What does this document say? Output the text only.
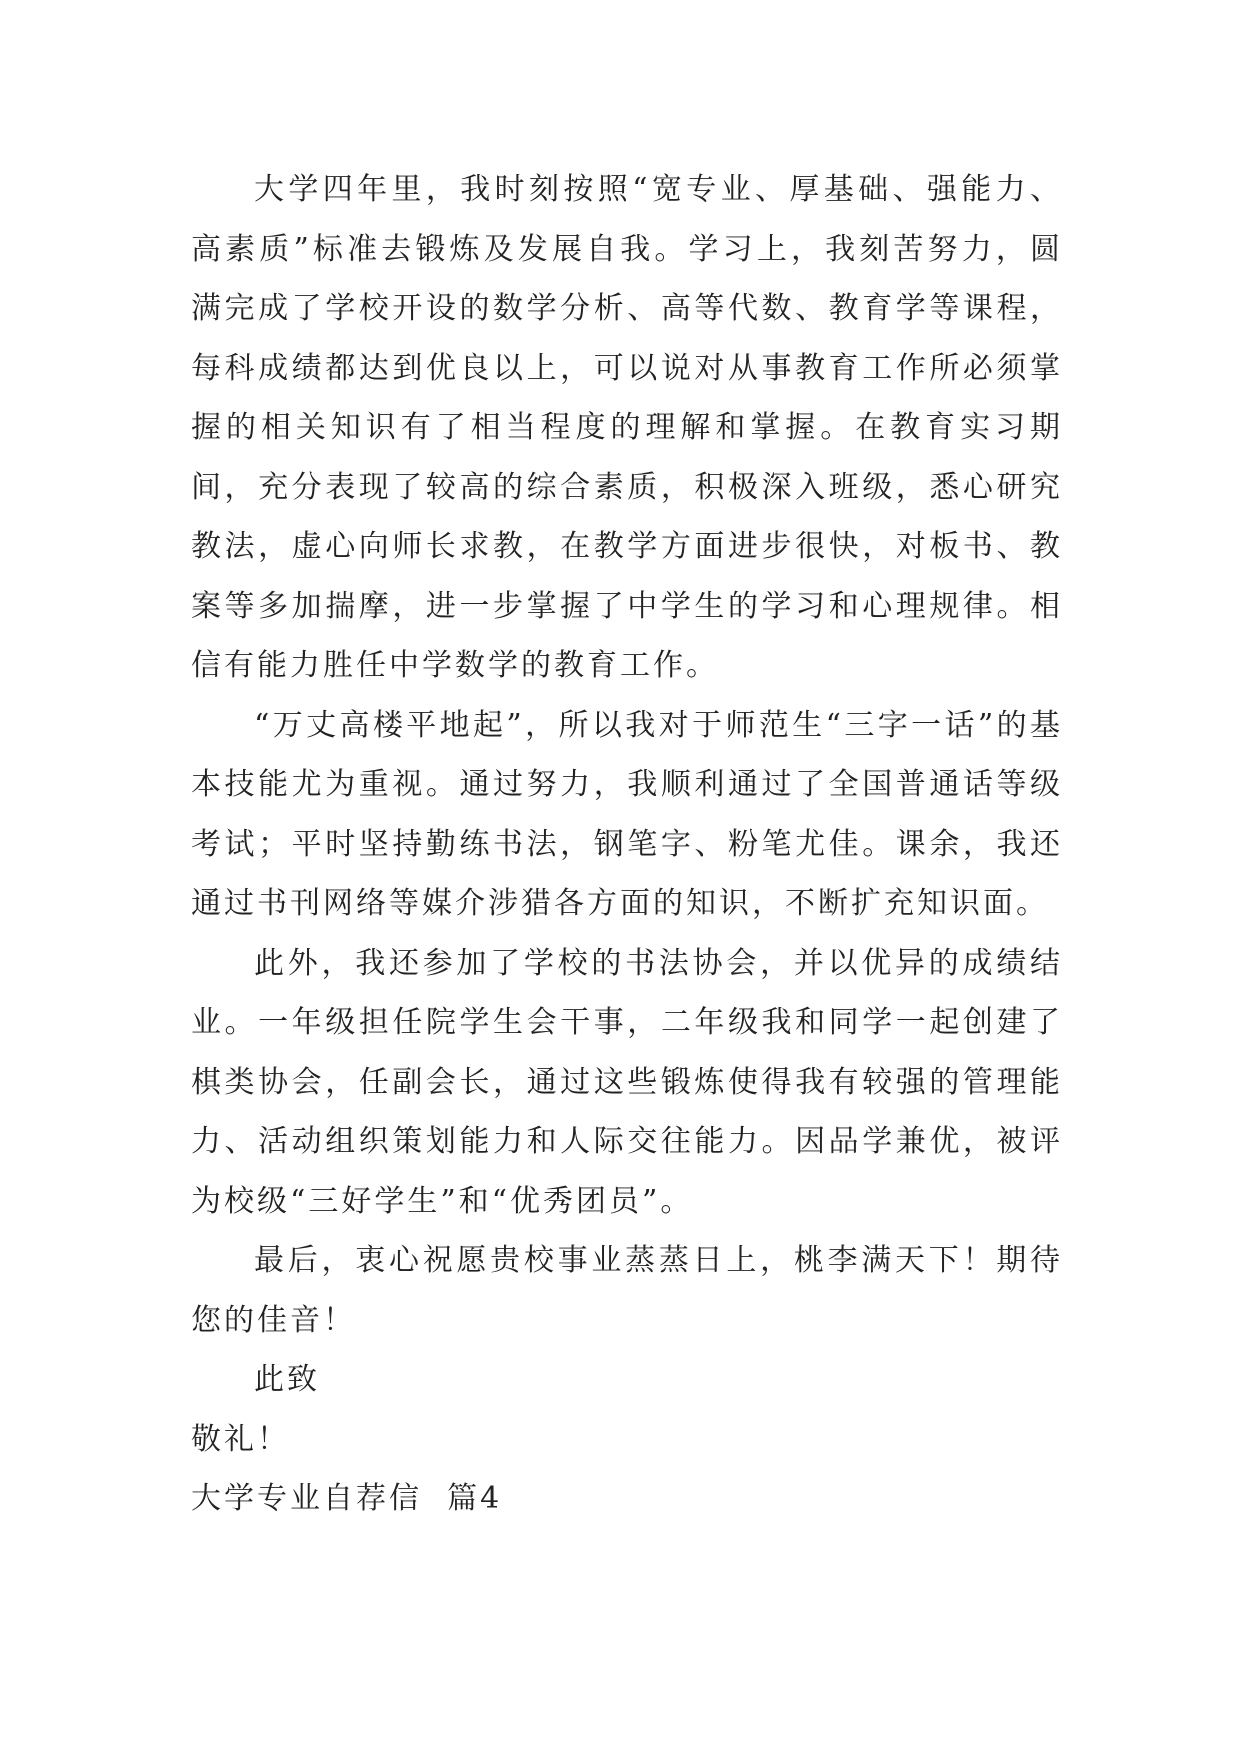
大学四年里，我时刻按照“宽专业、厚基础、强能力、高素质”标准去锻炼及发展自我。学习上，我刻苦努力，圆满完成了学校开设的数学分析、高等代数、教育学等课程，每科成绩都达到优良以上，可以说对从事教育工作所必须掌握的相关知识有了相当程度的理解和掌握。在教育实习期间，充分表现了较高的综合素质，积极深入班级，悉心研究教法，虚心向师长求教，在教学方面进步很快，对板书、教案等多加揣摩，进一步掌握了中学生的学习和心理规律。相信有能力胜任中学数学的教育工作。

“万丈高楼平地起”，所以我对于师范生“三字一话”的基本技能尤为重视。通过努力，我顺利通过了全国普通话等级考试；平时坚持勤练书法，钢笔字、粉笔尤佳。课余，我还通过书刊网络等媒介涉猎各方面的知识，不断扩充知识面。

此外，我还参加了学校的书法协会，并以优异的成绩结业。一年级担任院学生会干事，二年级我和同学一起创建了棋类协会，任副会长，通过这些锻炼使得我有较强的管理能力、活动组织策划能力和人际交往能力。因品学兼优，被评为校级“三好学生”和“优秀团员”。

最后，衷心祝愿贵校事业蒸蒸日上，桃李满天下！期待您的佳音！

此致

敬礼！

大学专业自荐信  篇4
